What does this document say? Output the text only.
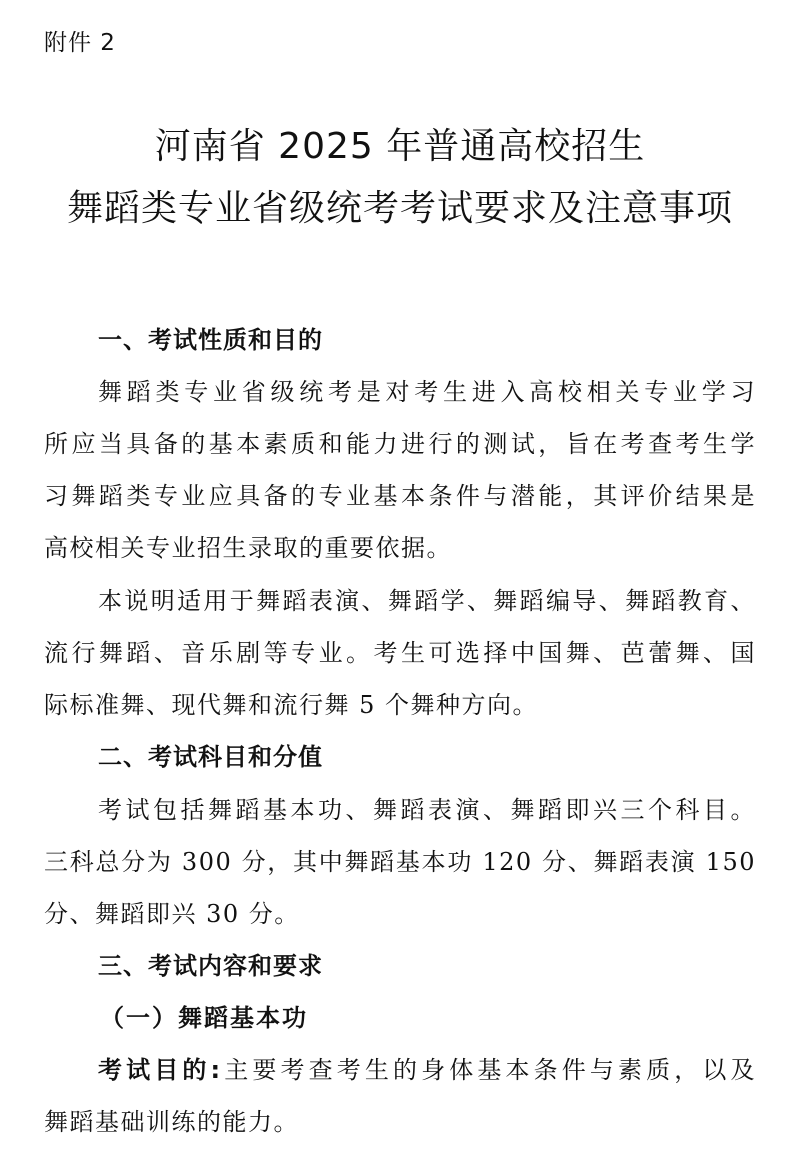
附件 2
河南省 2025 年普通高校招生
舞蹈类专业省级统考考试要求及注意事项
一、考试性质和目的
舞蹈类专业省级统考是对考生进入高校相关专业学习
所应当具备的基本素质和能力进行的测试，旨在考查考生学
习舞蹈类专业应具备的专业基本条件与潜能，其评价结果是
高校相关专业招生录取的重要依据。
本说明适用于舞蹈表演、舞蹈学、舞蹈编导、舞蹈教育、
流行舞蹈、音乐剧等专业。考生可选择中国舞、芭蕾舞、国
际标准舞、现代舞和流行舞 5 个舞种方向。
二、考试科目和分值
考试包括舞蹈基本功、舞蹈表演、舞蹈即兴三个科目。
三科总分为 300 分，其中舞蹈基本功 120 分、舞蹈表演 150
分、舞蹈即兴 30 分。
三、考试内容和要求
（一）舞蹈基本功
考试目的:主要考查考生的身体基本条件与素质，以及
舞蹈基础训练的能力。
